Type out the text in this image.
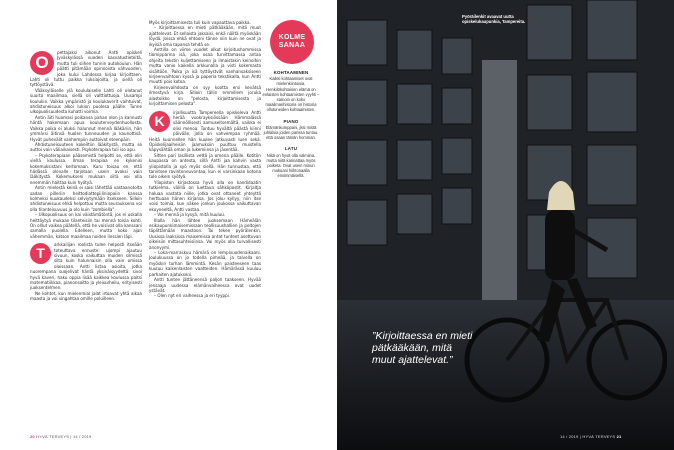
O

pettajaksi aikonut Antti opiskeli Jyväskylässä vuoden kasvatustieteitä, mutta tuli siihen tunnin autokoulun. Hän päätti pitämään opinnoista vähvuoden, joka kului Lahdessa kirjaa kirjoittaen. Lahti oli tuttu paikka luksiajoilta, ja siellä oli tyttöystävä.

Vääksyläiselle ylä koululaiselle Lahti oli olotanut suurta maailmaa, siellä oli valttiottuoja. Uusampi koulukin. Vaikka ympäristö ja koulukaverit vaihtuivat, ahdistuneisuus alkoi lukion puolesa päälle. Tunne ulkopuolisuudesta kuhatti voimia.

Antin äiti huomasi poikansa pahan olon ja kannusti häntä hakemaan apua kouluterveydenhuollosta. Vaikka poika ei aluksi halunnut mennä lääkäriin, hän ymmärsi äitinsä huolen tunneuuden ja kaunottisä. Hyvät puhevälit vanhempiin auttoivat eteenpäin.

Ahdistuneisuuteen kokeiltiin lääkitystä, mutta se auttoi vain väliaikaisesti. Psykoterapiaa tuli iso apu.

– Psykoterapiaan pääsemistä helpotti se, että olin viellä koulussa. Ilman terapiaa en kykenisi kokemuksistani kertomaan. Kuru toisau en, että hädässä olevalle tarjotaan usein avaksi vain lääkitystä. Kokemukseni mukaan siitä voi olla enemmän haittaa kuin hyötyä.

Antin mielestä keinä ei saisi lähettää vastaanotolta sadan pilleriin heittodiattepiilininpoiin kanssa kolmeksi kuukaudeksi selviytymään itsekseen. Silloin ahdistuneisuus ehkä helpottuu mutta seurauksena voi olla tilanteisuvuus ja olo kuin "zombiella".

– Ulkopuolisuus on kai väistämätöntä, jos ei uskalla heittäytyä mukaan tilanteisiin tai mennä toisia kohti. On olllut vaikea päätellä, että he voisivat olla kanssani samalla puolella. Edelleen, mutta koko ajan vähemmän, katson maailmaa noiden linssien läpi.

T

arkkailijan roolista tulee helposti itseään toteuttava ennuste: ujompi ajautuu sivuun, koska vaikuttaa muiden silmissä silta kuin halunnaisin olla vain omissa oloissaan. Antti listaa asioita, jotka nuorempana suojelivat häntä yksinäisyydeltä: sivoi hyvä kaveri, haku oppia lisää kaikkea koulussa paitsi matematiikkaa, pianonsoitto ja yleisurheilu, erityisesti juoksentelmen.

Ne kohtet, kun mielenmial jalat irtoavat yhtä aikaa maasta ja voi singahtaa omille poluilleen.

Myös kirjoittamisesta tuli kuin vapauttava paikka.

– Kirjoittaessa en mieti pätkääkään, mitä muut ajattelevat. Et sellaista jaksaisi, enkä näiltä myöskään löydä. Joissa ehkä ehtooni tänne niin kuin ne ovat ja ikyisiä oma tapansa tehdä se.

Anttilla on viime vuodet olkut kirjoitushommissa tiomipparina isä, joka osaa turvittamassa antaa ohjeita tekstin kuljettamiseen ja ilmaistakin keinoihin mutta vanio kaikella arkkunalla ja visti kokemasta sisältöön. Paika ja isä tyttöystvät vanhansaksiseen kirjeenvaihtoon kyssä ja paperia tekstikalla, kun Antti muutti pois kotoa.

Kirjeenvaihdosta on syy kootta ersi kevätsä ilmestyvä kirja. Silloin tällin emmillem joruka alastoikko on "pelosta, kirjoittamisesta ja kirjoittamisen pelosta".

K

irjallisuutta Tampereella opiskeleva Antti herää vuokrayksiössään Hämmalässä säännöllisesti aamuseitsemältä, vaikka ei olisi menoa. Tuntuu hyvältä päästä kiinni päivään, jolla on vahvempaa ryhmää. Heitä kuunnellen hän kuulee jatkuvasti luen sekä. Opiskelijaaiheisiin jaamuksiin puuttuu muistella käpysähtää oman ja lukemiinsa ja jäsentää.

Sitten pari lasillista vettä ja omena päälle. Kotitön kaupassa on antesta, sillä Antti jaa kahvin vasta yliopistolla ja syö myös siellä. Hän tunnustaa, että tarvitsee ravintoneuvontaa, kun ei varsinkaan kotona tule oikein syötyä.

Yliopiston kirjastossa hyvä alla on kandidaatin tutkielma, välillä on luettava sähköpostit. Kirjaltja haluaa vastata niille, jotka ovat ottaneet yhteyttä herttuaan hänen kirjansa. Jos joku kyllyy, niin itse voisi toimia, kun näkee jonkun joukossa vaikuttavan ekuyneeltä, Antti vastaa.

– Voi mennä ja kysyä, mitä kuuluu.

Illalla hän lähtee juoksemaan Hämeälän esikaupunkimaisemissaan teollisuushallien ja peltojen täplittämään maastoon. Tai tekee pyörälenkin. Uusissa laaksissa maisemissa antat tunteet asettuvan oikeisiin mittasuhteisiinsa. Vai myös olla turvallisesti anonyymi.

– Loka-marraskuu hämärä on lempivuodenaikaani. Joulukuussa on jo todella pimeää, ja talvella on myöskin turhan lämmintä. Kesän paisteeseen taas kuuluu kaikenlaisten vaatteiden. Hämärässä kuuluu parhaiten ajatukseni.

Antti tuntee jättäneensä paljon taakseen. Hyvää jensaaja uudessa elämänvaiheessa ovat uudet ystävät.

– Olen nyt eri vaiheessa ja eri tyyppi.

KOLME
SANAA
KOHTAAMINEN
Kaikki kohtaamiset ovat mielenkiintoisia. Henkilökohtainen elämä on enlaisten kohtaamisten vyyhti – samoin on koko maailmanhistoria on historia ollutuneiden kohtaamisten.
PIANO
Elämänkumppani, jksi mistä juhlalsia joiden parissa tuntuu, että osaan tämän homman.
LATU
Niitä on hyvä olla valmiina, mutta niitä kannattaa myös poiketa. Ovat usein minun mukuani hiihtonaalla ensimmäisellä.
20 HYVÄ TERVEYS | 14 / 2019
Pyöräilenkit avaavat uutta opiskelukaupunkia, Tampereita.
”Kirjoittaessa en mieti
pätkääkään, mitä
muut ajattelevat.”
14 / 2019 | HYVÄ TERVEYS 21
